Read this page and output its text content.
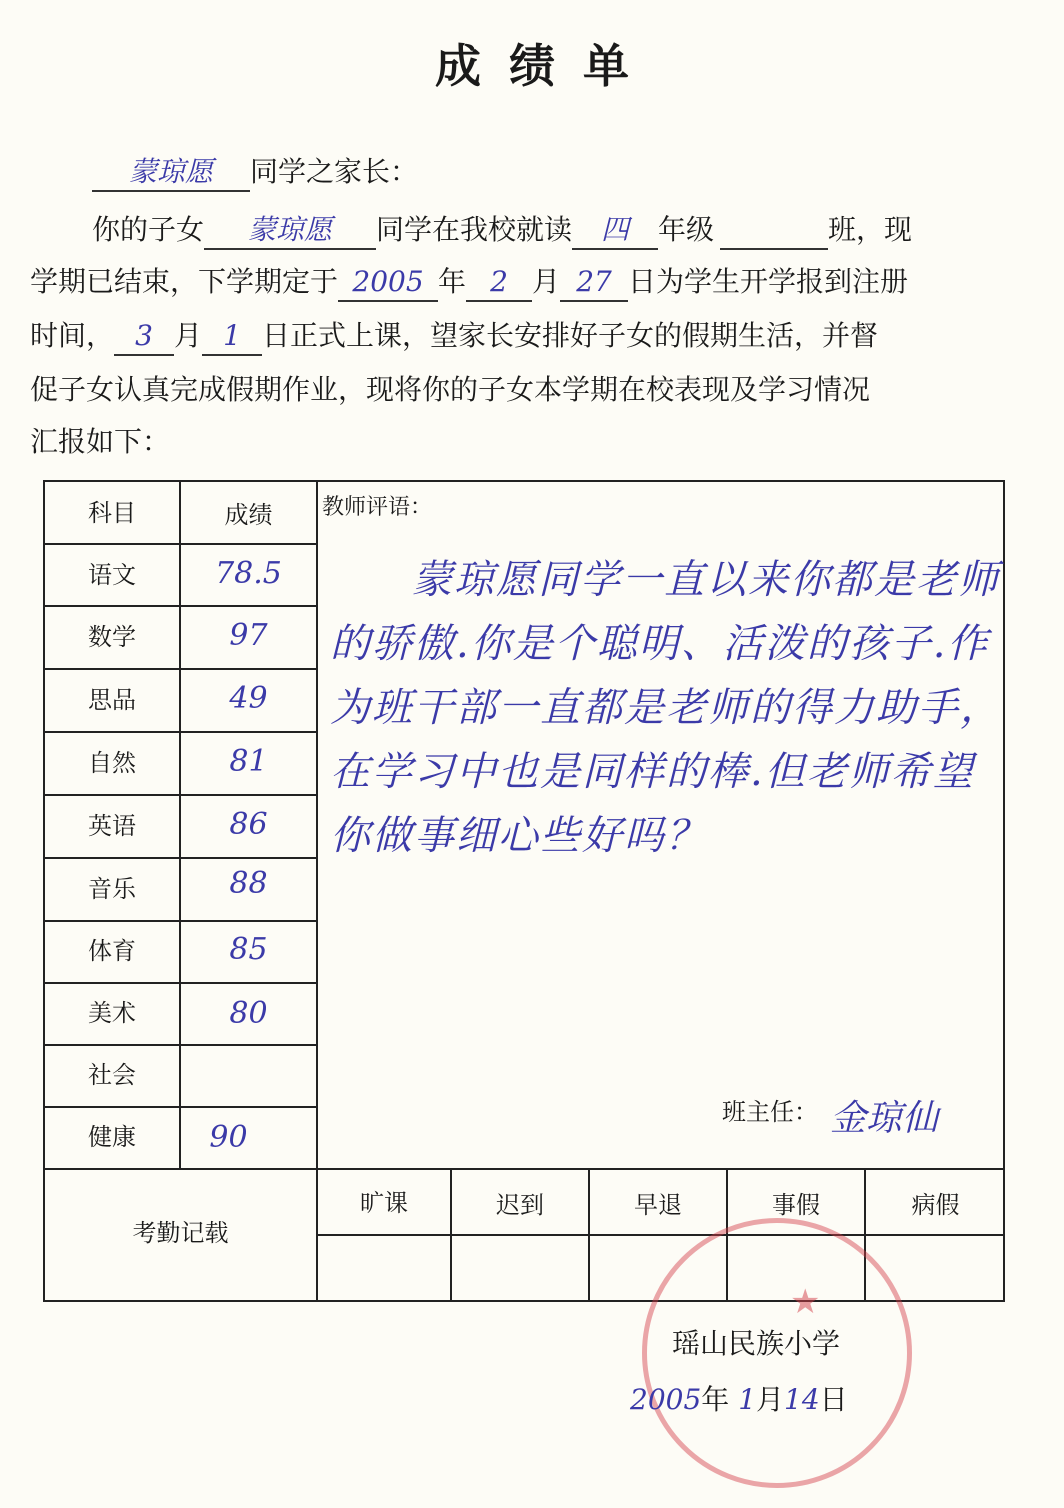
成绩单
蒙琼愿 同学之家长：
你的子女 蒙琼愿 同学在我校就读 四 年级	班，现
学期已结束，下学期定于 2005 年 2 月 27 日为学生开学报到注册
时间， 3 月 1 日正式上课，望家长安排好子女的假期生活，并督
促子女认真完成假期作业，现将你的子女本学期在校表现及学习情况
汇报如下：
科目	成绩
语文	78.5
数学	97
思品	49
自然	81
英语	86
音乐	88
体育	85
美术	80
社会
健康	90
教师评语：
蒙琼愿同学一直以来你都是老师的骄傲.你是个聪明、活泼的孩子.作为班干部一直都是老师的得力助手，在学习中也是同样的棒.但老师希望你做事细心些好吗？
班主任： 金琼仙
考勤记载
旷课	迟到	早退	事假	病假
★
瑶山民族小学
2005年 1月14日
